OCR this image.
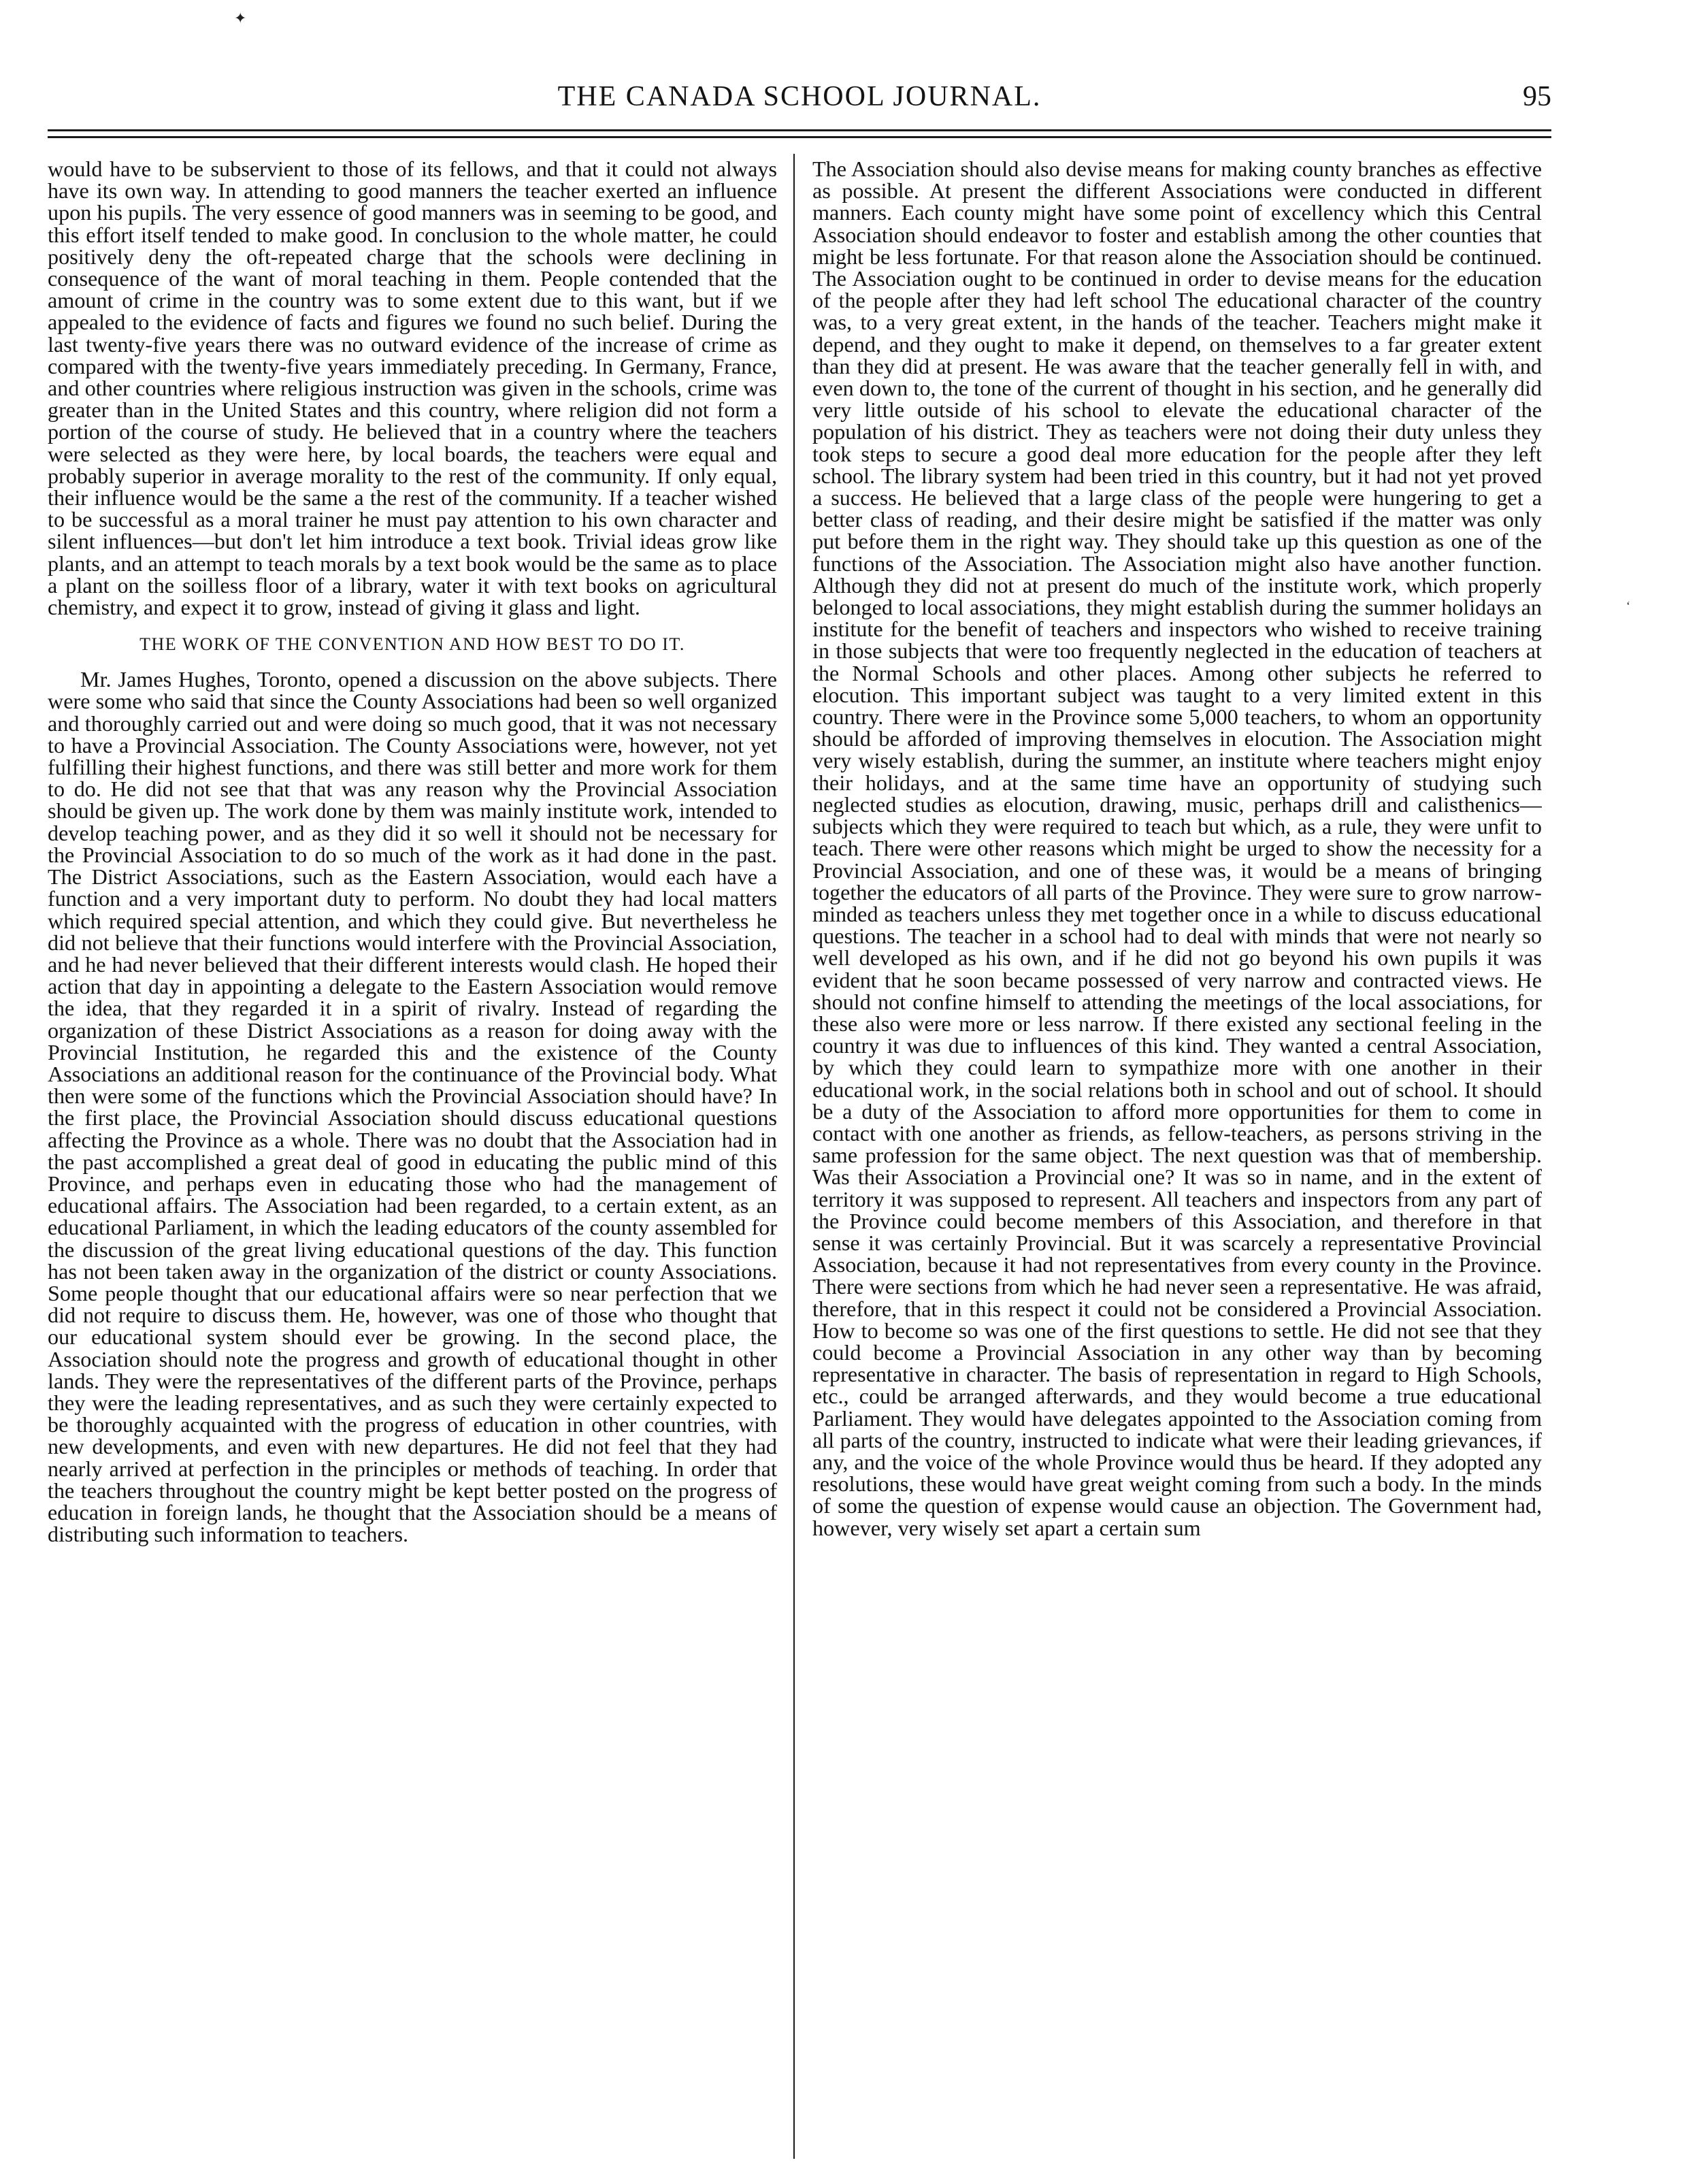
✦
‘
THE CANADA SCHOOL JOURNAL.	95

would have to be subservient to those of its fellows, and that it could not always have its own way. In attending to good manners the teacher exerted an influence upon his pupils. The very essence of good manners was in seeming to be good, and this effort itself tended to make good. In conclusion to the whole matter, he could positively deny the oft-repeated charge that the schools were declining in consequence of the want of moral teaching in them. People contended that the amount of crime in the country was to some extent due to this want, but if we appealed to the evidence of facts and figures we found no such belief. During the last twenty-five years there was no outward evidence of the increase of crime as compared with the twenty-five years immediately preceding. In Germany, France, and other countries where religious instruction was given in the schools, crime was greater than in the United States and this country, where religion did not form a portion of the course of study. He believed that in a country where the teachers were selected as they were here, by local boards, the teachers were equal and probably superior in average morality to the rest of the community. If only equal, their influence would be the same a the rest of the community. If a teacher wished to be successful as a moral trainer he must pay attention to his own character and silent influences—but don't let him introduce a text book. Trivial ideas grow like plants, and an attempt to teach morals by a text book would be the same as to place a plant on the soilless floor of a library, water it with text books on agricultural chemistry, and expect it to grow, instead of giving it glass and light.

THE WORK OF THE CONVENTION AND HOW BEST TO DO IT.

Mr. James Hughes, Toronto, opened a discussion on the above subjects. There were some who said that since the County Associations had been so well organized and thoroughly carried out and were doing so much good, that it was not necessary to have a Provincial Association. The County Associations were, however, not yet fulfilling their highest functions, and there was still better and more work for them to do. He did not see that that was any reason why the Provincial Association should be given up. The work done by them was mainly institute work, intended to develop teaching power, and as they did it so well it should not be necessary for the Provincial Association to do so much of the work as it had done in the past. The District Associations, such as the Eastern Association, would each have a function and a very important duty to perform. No doubt they had local matters which required special attention, and which they could give. But nevertheless he did not believe that their functions would interfere with the Provincial Association, and he had never believed that their different interests would clash. He hoped their action that day in appointing a delegate to the Eastern Association would remove the idea, that they regarded it in a spirit of rivalry. Instead of regarding the organization of these District Associations as a reason for doing away with the Provincial Institution, he regarded this and the existence of the County Associations an additional reason for the continuance of the Provincial body. What then were some of the functions which the Provincial Association should have? In the first place, the Provincial Association should discuss educational questions affecting the Province as a whole. There was no doubt that the Association had in the past accomplished a great deal of good in educating the public mind of this Province, and perhaps even in educating those who had the management of educational affairs. The Association had been regarded, to a certain extent, as an educational Parliament, in which the leading educators of the county assembled for the discussion of the great living educational questions of the day. This function has not been taken away in the organization of the district or county Associations. Some people thought that our educational affairs were so near perfection that we did not require to discuss them. He, however, was one of those who thought that our educational system should ever be growing. In the second place, the Association should note the progress and growth of educational thought in other lands. They were the representatives of the different parts of the Province, perhaps they were the leading representatives, and as such they were certainly expected to be thoroughly acquainted with the progress of education in other countries, with new developments, and even with new departures. He did not feel that they had nearly arrived at perfection in the principles or methods of teaching. In order that the teachers throughout the country might be kept better posted on the progress of education in foreign lands, he thought that the Association should be a means of distributing such information to teachers.

The Association should also devise means for making county branches as effective as possible. At present the different Associations were conducted in different manners. Each county might have some point of excellency which this Central Association should endeavor to foster and establish among the other counties that might be less fortunate. For that reason alone the Association should be continued. The Association ought to be continued in order to devise means for the education of the people after they had left school The educational character of the country was, to a very great extent, in the hands of the teacher. Teachers might make it depend, and they ought to make it depend, on themselves to a far greater extent than they did at present. He was aware that the teacher generally fell in with, and even down to, the tone of the current of thought in his section, and he generally did very little outside of his school to elevate the educational character of the population of his district. They as teachers were not doing their duty unless they took steps to secure a good deal more education for the people after they left school. The library system had been tried in this country, but it had not yet proved a success. He believed that a large class of the people were hungering to get a better class of reading, and their desire might be satisfied if the matter was only put before them in the right way. They should take up this question as one of the functions of the Association. The Association might also have another function. Although they did not at present do much of the institute work, which properly belonged to local associations, they might establish during the summer holidays an institute for the benefit of teachers and inspectors who wished to receive training in those subjects that were too frequently neglected in the education of teachers at the Normal Schools and other places. Among other subjects he referred to elocution. This important subject was taught to a very limited extent in this country. There were in the Province some 5,000 teachers, to whom an opportunity should be afforded of improving themselves in elocution. The Association might very wisely establish, during the summer, an institute where teachers might enjoy their holidays, and at the same time have an opportunity of studying such neglected studies as elocution, drawing, music, perhaps drill and calisthenics—subjects which they were required to teach but which, as a rule, they were unfit to teach. There were other reasons which might be urged to show the necessity for a Provincial Association, and one of these was, it would be a means of bringing together the educators of all parts of the Province. They were sure to grow narrow-minded as teachers unless they met together once in a while to discuss educational questions. The teacher in a school had to deal with minds that were not nearly so well developed as his own, and if he did not go beyond his own pupils it was evident that he soon became possessed of very narrow and contracted views. He should not confine himself to attending the meetings of the local associations, for these also were more or less narrow. If there existed any sectional feeling in the country it was due to influences of this kind. They wanted a central Association, by which they could learn to sympathize more with one another in their educational work, in the social relations both in school and out of school. It should be a duty of the Association to afford more opportunities for them to come in contact with one another as friends, as fellow-teachers, as persons striving in the same profession for the same object. The next question was that of membership. Was their Association a Provincial one? It was so in name, and in the extent of territory it was supposed to represent. All teachers and inspectors from any part of the Province could become members of this Association, and therefore in that sense it was certainly Provincial. But it was scarcely a representative Provincial Association, because it had not representatives from every county in the Province. There were sections from which he had never seen a representative. He was afraid, therefore, that in this respect it could not be considered a Provincial Association. How to become so was one of the first questions to settle. He did not see that they could become a Provincial Association in any other way than by becoming representative in character. The basis of representation in regard to High Schools, etc., could be arranged afterwards, and they would become a true educational Parliament. They would have delegates appointed to the Association coming from all parts of the country, instructed to indicate what were their leading grievances, if any, and the voice of the whole Province would thus be heard. If they adopted any resolutions, these would have great weight coming from such a body. In the minds of some the question of expense would cause an objection. The Government had, however, very wisely set apart a certain sum
